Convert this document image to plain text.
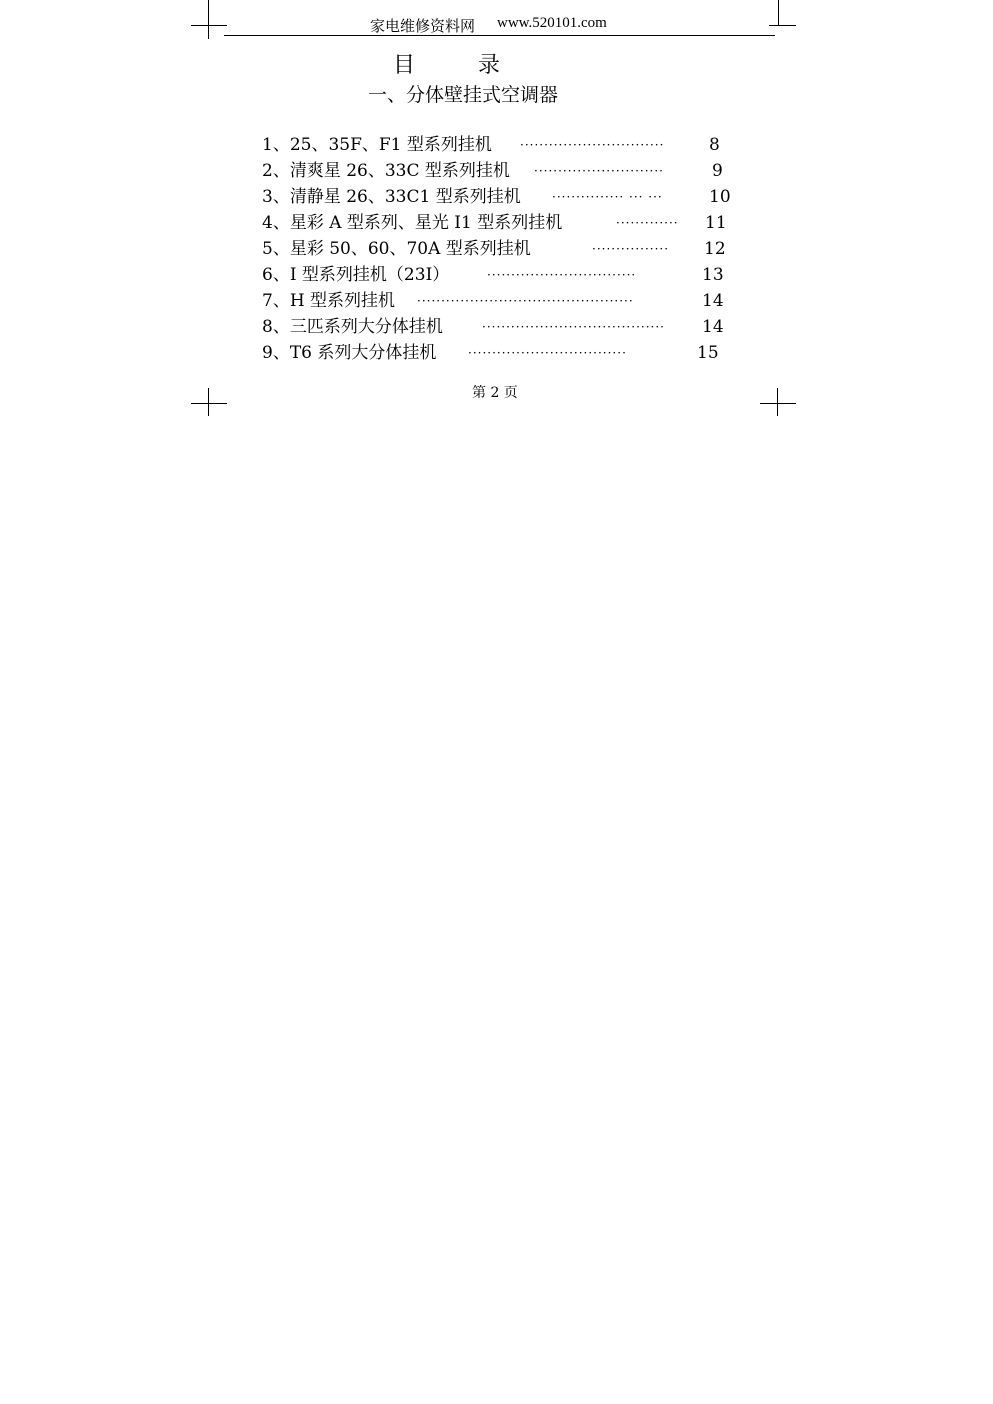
家电维修资料网 www.520101.com
目 录
一、分体壁挂式空调器
1、25、35F、F1 型系列挂机 ······························	8
2、清爽星 26、33C 型系列挂机 ···························	9
3、清静星 26、33C1 型系列挂机	··············· ··· ···	10
4、星彩 A 型系列、星光 I1 型系列挂机	·············	11
5、星彩 50、60、70A 型系列挂机	················	12
6、I 型系列挂机（23I）	·······························	13
7、H 型系列挂机 ·············································	14
8、三匹系列大分体挂机	······································	14
9、T6 系列大分体挂机	·································	15
第 2 页
